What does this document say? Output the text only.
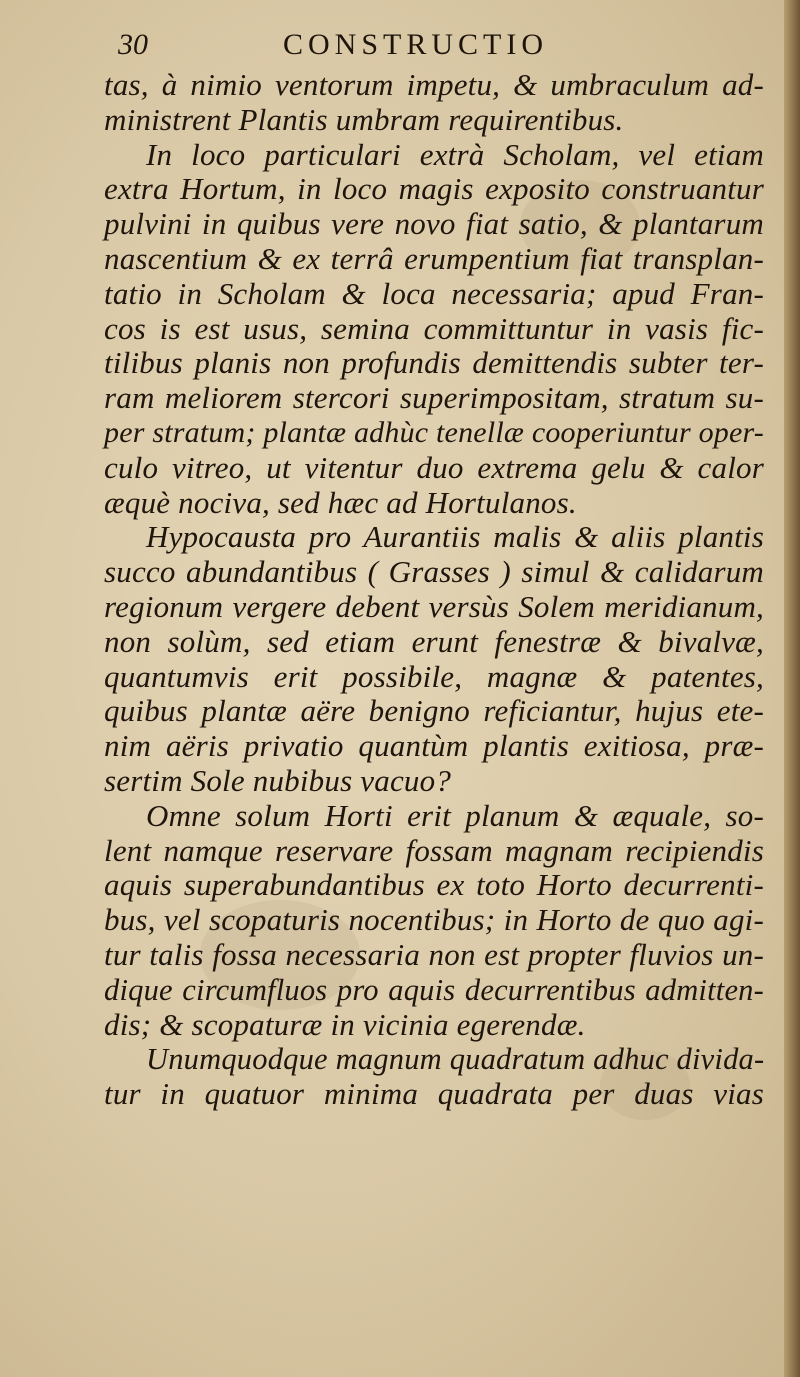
30	CONSTRUCTIO
tas, à nimio ventorum impetu, & umbraculum ad-
ministrent Plantis umbram requirentibus.
In loco particulari extrà Scholam, vel etiam
extra Hortum, in loco magis exposito construantur
pulvini in quibus vere novo fiat satio, & plantarum
nascentium & ex terrâ erumpentium fiat transplan-
tatio in Scholam & loca necessaria; apud Fran-
cos is est usus, semina committuntur in vasis fic-
tilibus planis non profundis demittendis subter ter-
ram meliorem stercori superimpositam, stratum su-
per stratum; plantæ adhùc tenellæ cooperiuntur oper-
culo vitreo, ut vitentur duo extrema gelu & calor
æquè nociva, sed hæc ad Hortulanos.
Hypocausta pro Aurantiis malis & aliis plantis
succo abundantibus ( Grasses ) simul & calidarum
regionum vergere debent versùs Solem meridianum,
non solùm, sed etiam erunt fenestræ & bivalvæ,
quantumvis erit possibile, magnæ & patentes,
quibus plantæ aëre benigno reficiantur, hujus ete-
nim aëris privatio quantùm plantis exitiosa, præ-
sertim Sole nubibus vacuo?
Omne solum Horti erit planum & æquale, so-
lent namque reservare fossam magnam recipiendis
aquis superabundantibus ex toto Horto decurrenti-
bus, vel scopaturis nocentibus; in Horto de quo agi-
tur talis fossa necessaria non est propter fluvios un-
dique circumfluos pro aquis decurrentibus admitten-
dis; & scopaturæ in vicinia egerendæ.
Unumquodque magnum quadratum adhuc divida-
tur in quatuor minima quadrata per duas vias
